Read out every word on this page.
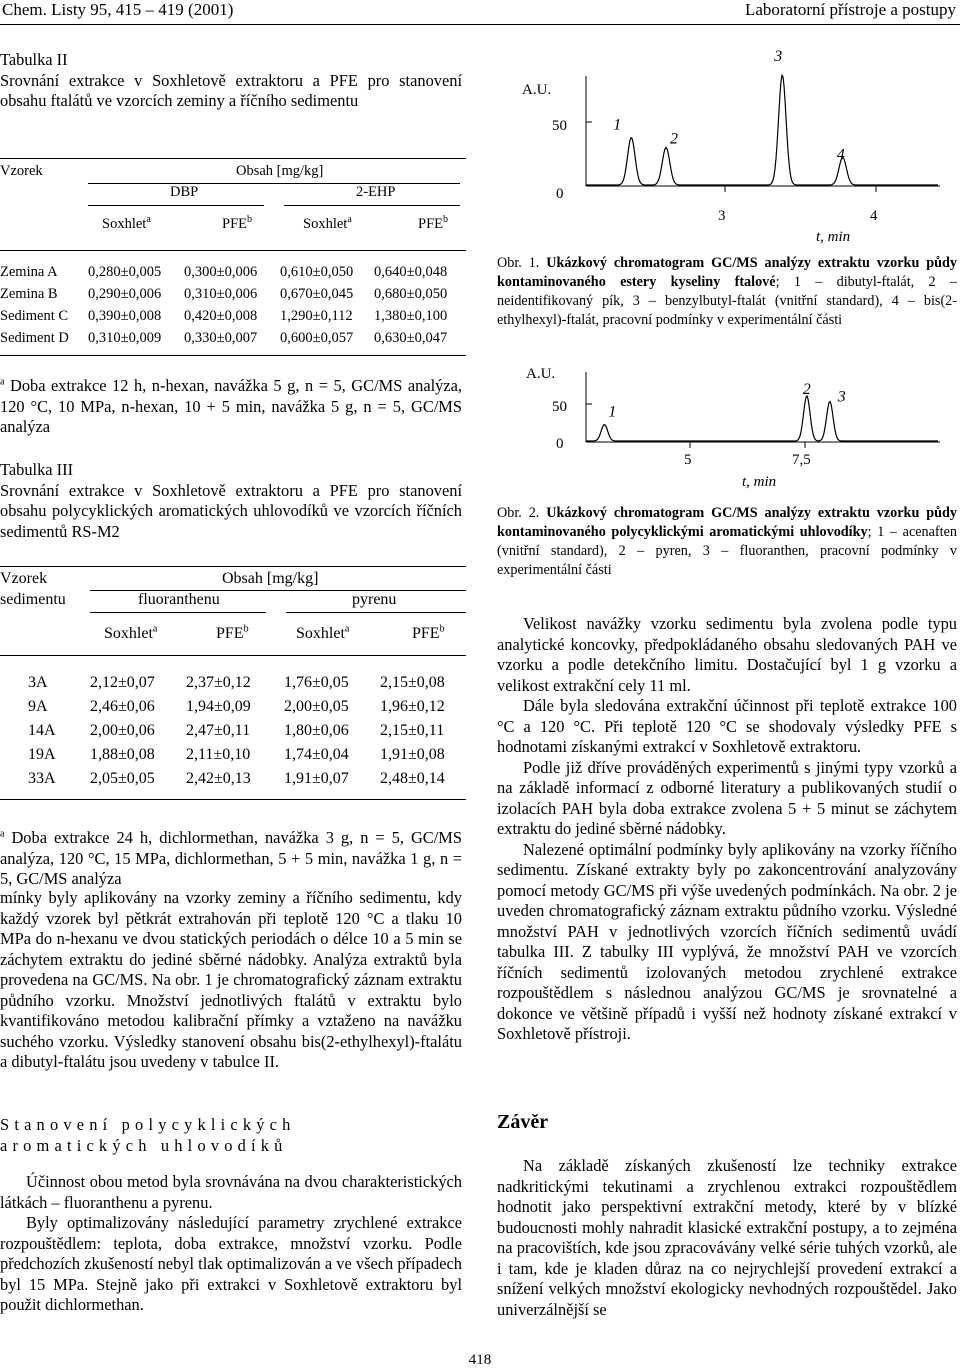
Chem. Listy 95, 415 – 419 (2001)	Laboratorní přístroje a postupy

Tabulka II

Srovnání extrakce v Soxhletově extraktoru a PFE pro stanovení obsahu ftalátů ve vzorcích zeminy a říčního sedimentu

Vzorek	Obsah [mg/kg]
DBP	2-EHP
Soxhlet$^a$	PFE$^b$	Soxhlet$^a$	PFE$^b$
Zemina A	0,280±0,005	0,300±0,006	0,610±0,050	0,640±0,048
Zemina B	0,290±0,006	0,310±0,006	0,670±0,045	0,680±0,050
Sediment C	0,390±0,008	0,420±0,008	1,290±0,112	1,380±0,100
Sediment D	0,310±0,009	0,330±0,007	0,600±0,057	0,630±0,047
$^a$ Doba extrakce 12 h, n-hexan, navážka 5 g, n = 5, GC/MS analýza, 120 °C, 10 MPa, n-hexan, 10 + 5 min, navážka 5 g, n = 5, GC/MS analýza

Tabulka III

Srovnání extrakce v Soxhletově extraktoru a PFE pro stanovení obsahu polycyklických aromatických uhlovodíků ve vzorcích říčních sedimentů RS-M2

Vzorek
sedimentu
Obsah [mg/kg]
fluoranthenu	pyrenu
Soxhlet$^a$	PFE$^b$	Soxhlet$^a$	PFE$^b$
3A	2,12±0,07	2,37±0,12	1,76±0,05	2,15±0,08
9A	2,46±0,06	1,94±0,09	2,00±0,05	1,96±0,12
14A	2,00±0,06	2,47±0,11	1,80±0,06	2,15±0,11
19A	1,88±0,08	2,11±0,10	1,74±0,04	1,91±0,08
33A	2,05±0,05	2,42±0,13	1,91±0,07	2,48±0,14
$^a$ Doba extrakce 24 h, dichlormethan, navážka 3 g, n = 5, GC/MS analýza, 120 °C, 15 MPa, dichlormethan, 5 + 5 min, navážka 1 g, n = 5, GC/MS analýza

mínky byly aplikovány na vzorky zeminy a říčního sedimentu, kdy každý vzorek byl pětkrát extrahován při teplotě 120 °C a tlaku 10 MPa do n-hexanu ve dvou statických periodách o délce 10 a 5 min se záchytem extraktu do jediné sběrné nádobky. Analýza extraktů byla provedena na GC/MS. Na obr. 1 je chromatografický záznam extraktu půdního vzorku. Množství jednotlivých ftalátů v extraktu bylo kvantifikováno metodou kalibrační přímky a vztaženo na navážku suchého vzorku. Výsledky stanovení obsahu bis(2-ethylhexyl)-ftalátu a dibutyl-ftalátu jsou uvedeny v tabulce II.

Stanovení polycyklických
aromatických uhlovodíků

Účinnost obou metod byla srovnávána na dvou charakteristických látkách – fluoranthenu a pyrenu.

Byly optimalizovány následující parametry zrychlené extrakce rozpouštědlem: teplota, doba extrakce, množství vzorku. Podle předchozích zkušeností nebyl tlak optimalizován a ve všech případech byl 15 MPa. Stejně jako při extrakci v Soxhletově extraktoru byl použit dichlormethan.

A.U.
50
0
3	4
t, min
1
2
3
4
Obr. 1. Ukázkový chromatogram GC/MS analýzy extraktu vzorku půdy kontaminovaného estery kyseliny ftalové; 1 – dibutyl-ftalát, 2 – neidentifikovaný pík, 3 – benzylbutyl-ftalát (vnitřní standard), 4 – bis(2-ethylhexyl)-ftalát, pracovní podmínky v experimentální části
A.U.
50
0
5	7,5
t, min
1
2 3
Obr. 2. Ukázkový chromatogram GC/MS analýzy extraktu vzorku půdy kontaminovaného polycyklickými aromatickými uhlovodíky; 1 – acenaften (vnitřní standard), 2 – pyren, 3 – fluoranthen, pracovní podmínky v experimentální části

Velikost navážky vzorku sedimentu byla zvolena podle typu analytické koncovky, předpokládaného obsahu sledovaných PAH ve vzorku a podle detekčního limitu. Dostačující byl 1 g vzorku a velikost extrakční cely 11 ml.

Dále byla sledována extrakční účinnost při teplotě extrakce 100 °C a 120 °C. Při teplotě 120 °C se shodovaly výsledky PFE s hodnotami získanými extrakcí v Soxhletově extraktoru.

Podle již dříve prováděných experimentů s jinými typy vzorků a na základě informací z odborné literatury a publikovaných studií o izolacích PAH byla doba extrakce zvolena 5 + 5 minut se záchytem extraktu do jediné sběrné nádobky.

Nalezené optimální podmínky byly aplikovány na vzorky říčního sedimentu. Získané extrakty byly po zakoncentrování analyzovány pomocí metody GC/MS při výše uvedených podmínkách. Na obr. 2 je uveden chromatografický záznam extraktu půdního vzorku. Výsledné množství PAH v jednotlivých vzorcích říčních sedimentů uvádí tabulka III. Z tabulky III vyplývá, že množství PAH ve vzorcích říčních sedimentů izolovaných metodou zrychlené extrakce rozpouštědlem s následnou analýzou GC/MS je srovnatelné a dokonce ve většině případů i vyšší než hodnoty získané extrakcí v Soxhletově přístroji.

Závěr

Na základě získaných zkušeností lze techniky extrakce nadkritickými tekutinami a zrychlenou extrakci rozpouštědlem hodnotit jako perspektivní extrakční metody, které by v blízké budoucnosti mohly nahradit klasické extrakční postupy, a to zejména na pracovištích, kde jsou zpracovávány velké série tuhých vzorků, ale i tam, kde je kladen důraz na co nejrychlejší provedení extrakcí a snížení velkých množství ekologicky nevhodných rozpouštědel. Jako univerzálnější se

418
